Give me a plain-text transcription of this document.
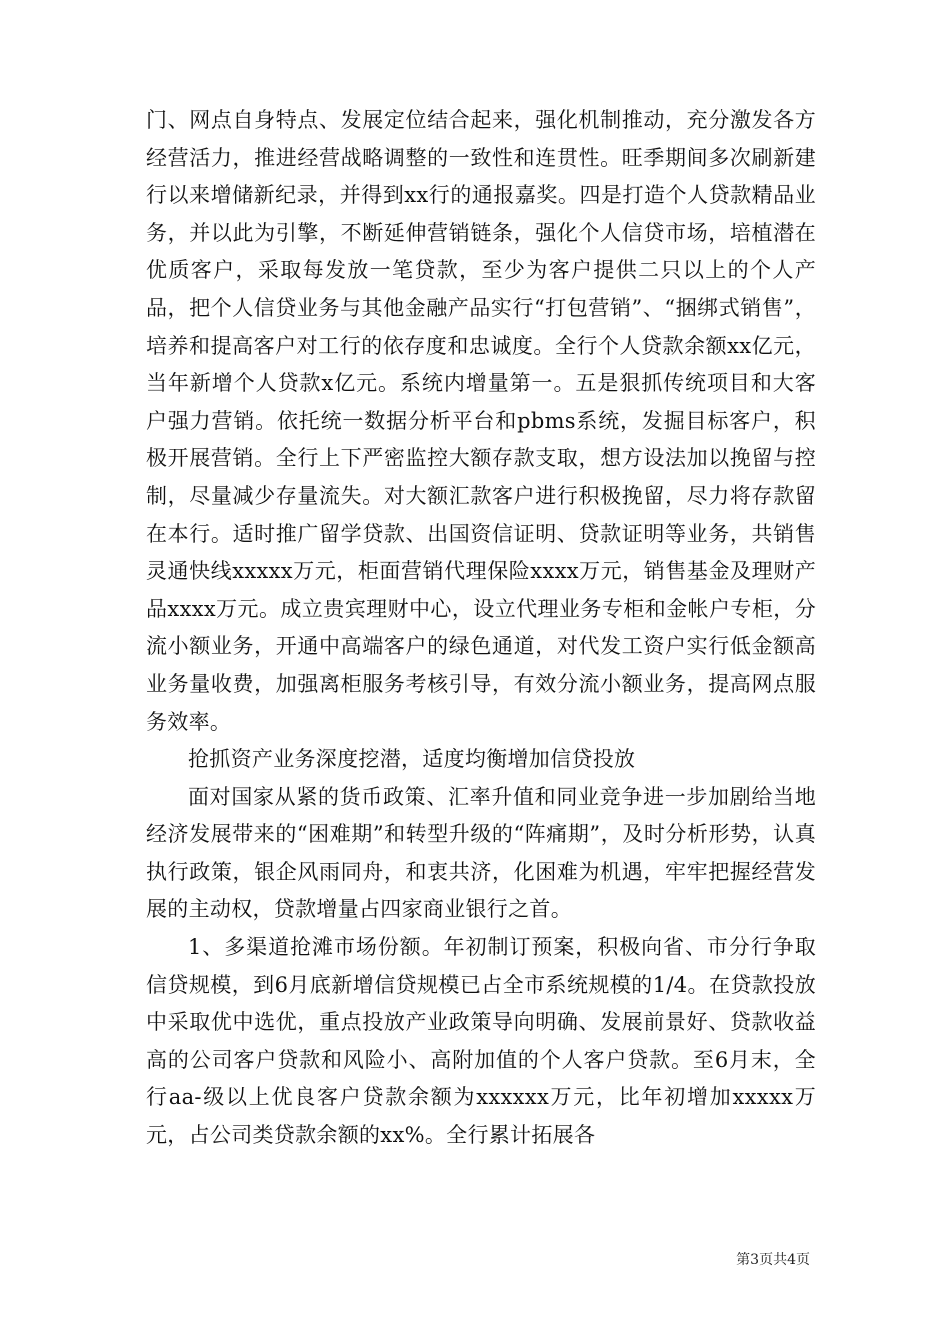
门、网点自身特点、发展定位结合起来，强化机制推动，充分激发各方经营活力，推进经营战略调整的一致性和连贯性。旺季期间多次刷新建行以来增储新纪录，并得到xx行的通报嘉奖。四是打造个人贷款精品业务，并以此为引擎，不断延伸营销链条，强化个人信贷市场，培植潜在优质客户，采取每发放一笔贷款，至少为客户提供二只以上的个人产品，把个人信贷业务与其他金融产品实行“打包营销”、“捆绑式销售”，培养和提高客户对工行的依存度和忠诚度。全行个人贷款余额xx亿元，当年新增个人贷款x亿元。系统内增量第一。五是狠抓传统项目和大客户强力营销。依托统一数据分析平台和pbms系统，发掘目标客户，积极开展营销。全行上下严密监控大额存款支取，想方设法加以挽留与控制，尽量减少存量流失。对大额汇款客户进行积极挽留，尽力将存款留在本行。适时推广留学贷款、出国资信证明、贷款证明等业务，共销售灵通快线xxxxx万元，柜面营销代理保险xxxx万元，销售基金及理财产品xxxx万元。成立贵宾理财中心，设立代理业务专柜和金帐户专柜，分流小额业务，开通中高端客户的绿色通道，对代发工资户实行低金额高业务量收费，加强离柜服务考核引导，有效分流小额业务，提高网点服务效率。

抢抓资产业务深度挖潜，适度均衡增加信贷投放

面对国家从紧的货币政策、汇率升值和同业竞争进一步加剧给当地经济发展带来的“困难期”和转型升级的“阵痛期”，及时分析形势，认真执行政策，银企风雨同舟，和衷共济，化困难为机遇，牢牢把握经营发展的主动权，贷款增量占四家商业银行之首。

1、多渠道抢滩市场份额。年初制订预案，积极向省、市分行争取信贷规模，到6月底新增信贷规模已占全市系统规模的1/4。在贷款投放中采取优中选优，重点投放产业政策导向明确、发展前景好、贷款收益高的公司客户贷款和风险小、高附加值的个人客户贷款。至6月末，全行aa-级以上优良客户贷款余额为xxxxxx万元，比年初增加xxxxx万元，占公司类贷款余额的xx%。全行累计拓展各

第3页共4页
